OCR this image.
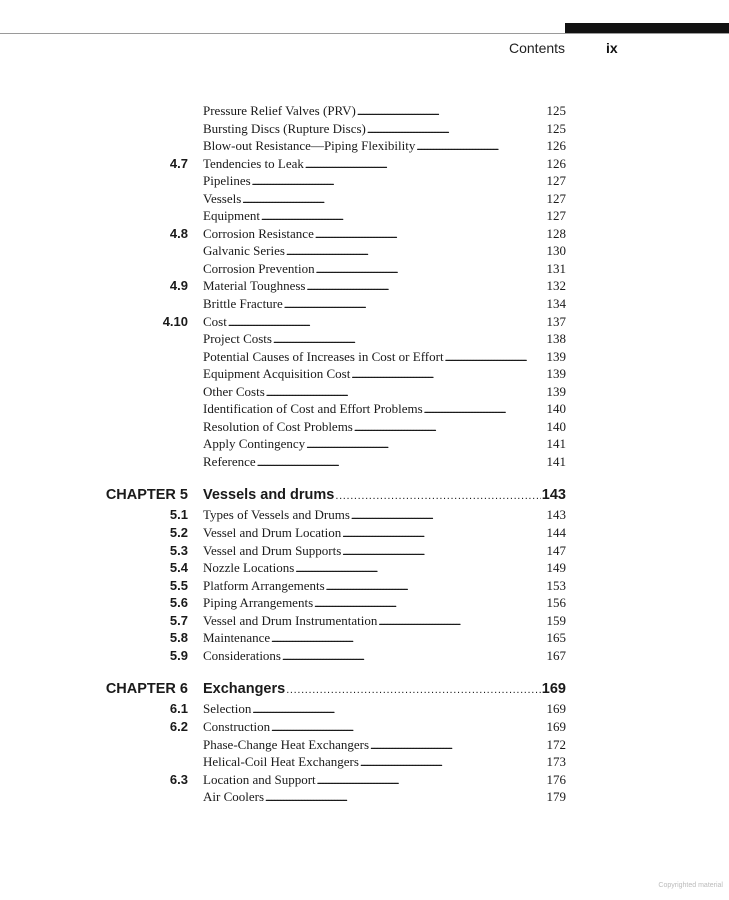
Contents	ix
Pressure Relief Valves (PRV) . . .	125
Bursting Discs (Rupture Discs) . . .	125
Blow-out Resistance—Piping Flexibility . . .	126
4.7 Tendencies to Leak . . .	126
Pipelines . . .	127
Vessels . . .	127
Equipment . . .	127
4.8 Corrosion Resistance . . .	128
Galvanic Series . . .	130
Corrosion Prevention . . .	131
4.9 Material Toughness . . .	132
Brittle Fracture . . .	134
4.10 Cost . . .	137
Project Costs . . .	138
Potential Causes of Increases in Cost or Effort . . .	139
Equipment Acquisition Cost . . .	139
Other Costs . . .	139
Identification of Cost and Effort Problems . . .	140
Resolution of Cost Problems . . .	140
Apply Contingency . . .	141
Reference . . .	141
CHAPTER 5 Vessels and drums . . .	143
5.1 Types of Vessels and Drums . . .	143
5.2 Vessel and Drum Location . . .	144
5.3 Vessel and Drum Supports . . .	147
5.4 Nozzle Locations . . .	149
5.5 Platform Arrangements . . .	153
5.6 Piping Arrangements . . .	156
5.7 Vessel and Drum Instrumentation . . .	159
5.8 Maintenance . . .	165
5.9 Considerations . . .	167
CHAPTER 6 Exchangers . . .	169
6.1 Selection . . .	169
6.2 Construction . . .	169
Phase-Change Heat Exchangers . . .	172
Helical-Coil Heat Exchangers . . .	173
6.3 Location and Support . . .	176
Air Coolers . . .	179
Copyrighted material
